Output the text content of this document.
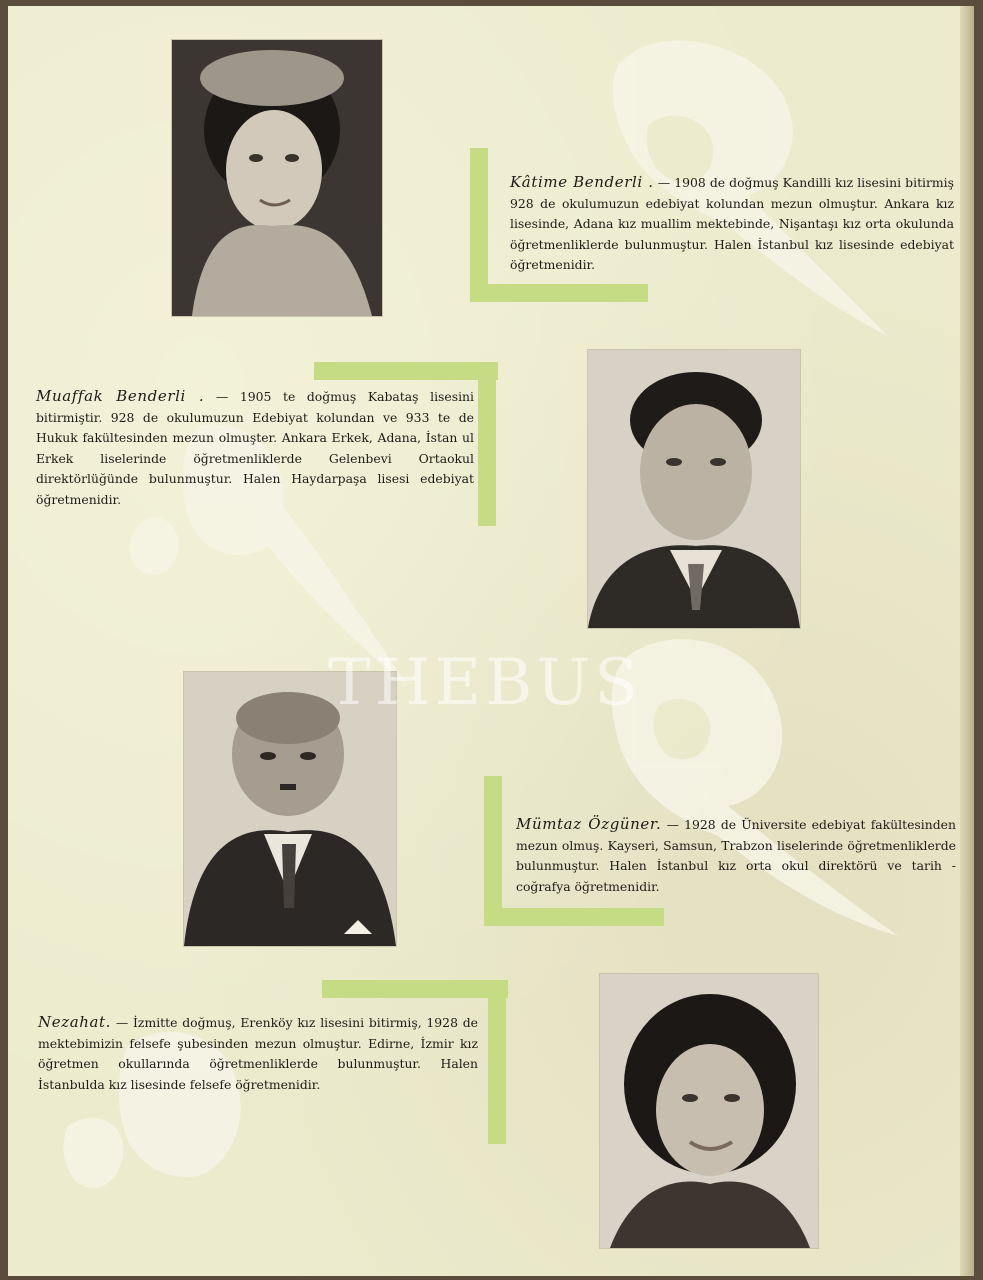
Kâtime Benderli . — 1908 de doğmuş Kandilli kız lisesini bitirmiş 928 de okulumuzun edebiyat kolundan mezun olmuştur. Ankara kız lisesinde, Adana kız muallim mektebinde, Nişantaşı kız orta okulunda öğretmenliklerde bulunmuştur. Halen İstanbul kız lisesinde edebiyat öğretmenidir.

Muaffak Benderli . — 1905 te doğmuş Kabataş lisesini bitirmiştir. 928 de okulumuzun Edebiyat kolundan ve 933 te de Hukuk fakültesinden mezun olmuşter. Ankara Erkek, Adana, İstan ul Erkek liselerinde öğretmenliklerde Gelenbevi Ortaokul direktörlüğünde bulunmuştur. Halen Haydarpaşa lisesi edebiyat öğretmenidir.

Mümtaz Özgüner. — 1928 de Üniversite edebiyat fakültesinden mezun olmuş. Kayseri, Samsun, Trabzon liselerinde öğretmenliklerde bulunmuştur. Halen İstanbul kız orta okul direktörü ve tarih - coğrafya öğretmenidir.

Nezahat. — İzmitte doğmuş, Erenköy kız lisesini bitirmiş, 1928 de mektebimizin felsefe şubesinden mezun olmuştur. Edirne, İzmir kız öğretmen okullarında öğretmenliklerde bulunmuştur. Halen İstanbulda kız lisesinde felsefe öğretmenidir.

THEBUS
